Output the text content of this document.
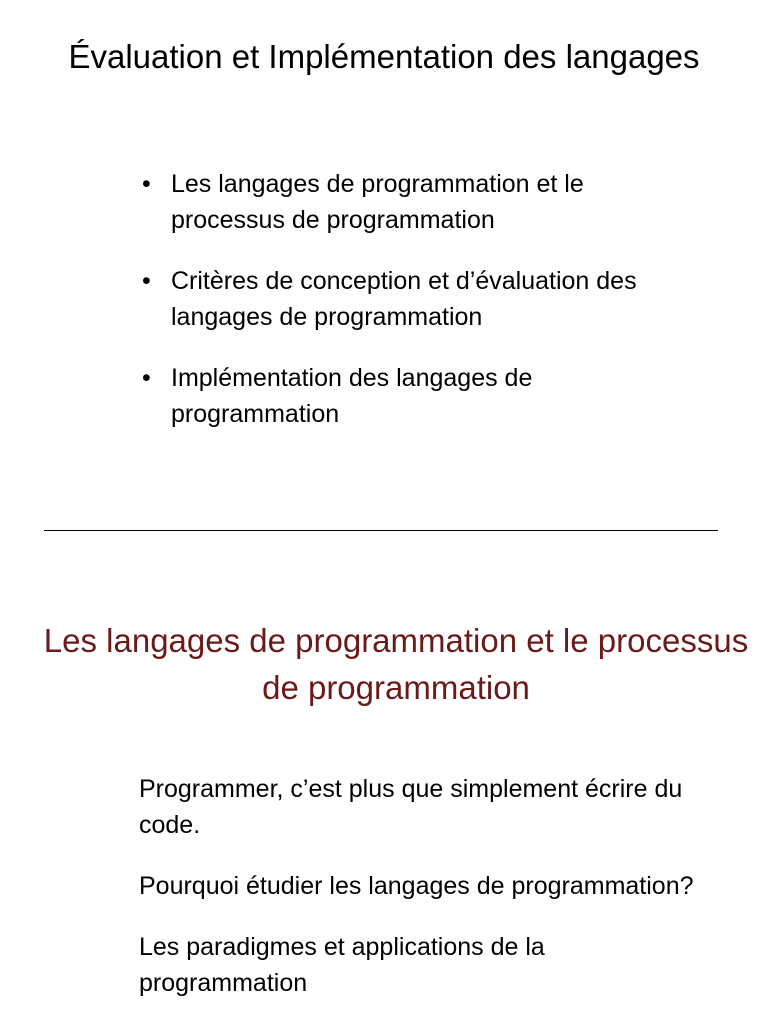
Évaluation et Implémentation des langages
• Les langages de programmation et le processus de programmation
• Critères de conception et d’évaluation des langages de programmation
• Implémentation des langages de programmation
Les langages de programmation et le processus de programmation
Programmer, c’est plus que simplement écrire du code.
Pourquoi étudier les langages de programmation?
Les paradigmes et applications de la programmation
